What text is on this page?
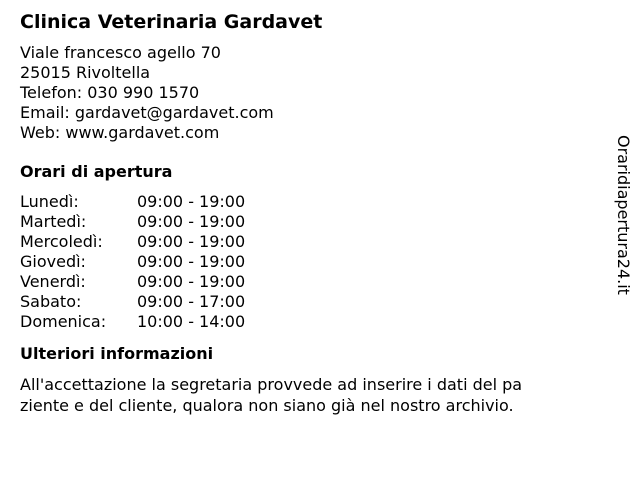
Clinica Veterinaria Gardavet
Viale francesco agello 70
25015 Rivoltella
Telefon: 030 990 1570
Email: gardavet@gardavet.com
Web: www.gardavet.com
Orari di apertura
Lunedì:	09:00 - 19:00
Martedì:	09:00 - 19:00
Mercoledì:	09:00 - 19:00
Giovedì:	09:00 - 19:00
Venerdì:	09:00 - 19:00
Sabato:	09:00 - 17:00
Domenica:	10:00 - 14:00
Ulteriori informazioni
All'accettazione la segretaria provvede ad inserire i dati del pa
ziente e del cliente, qualora non siano già nel nostro archivio.
Oraridiapertura24.it
